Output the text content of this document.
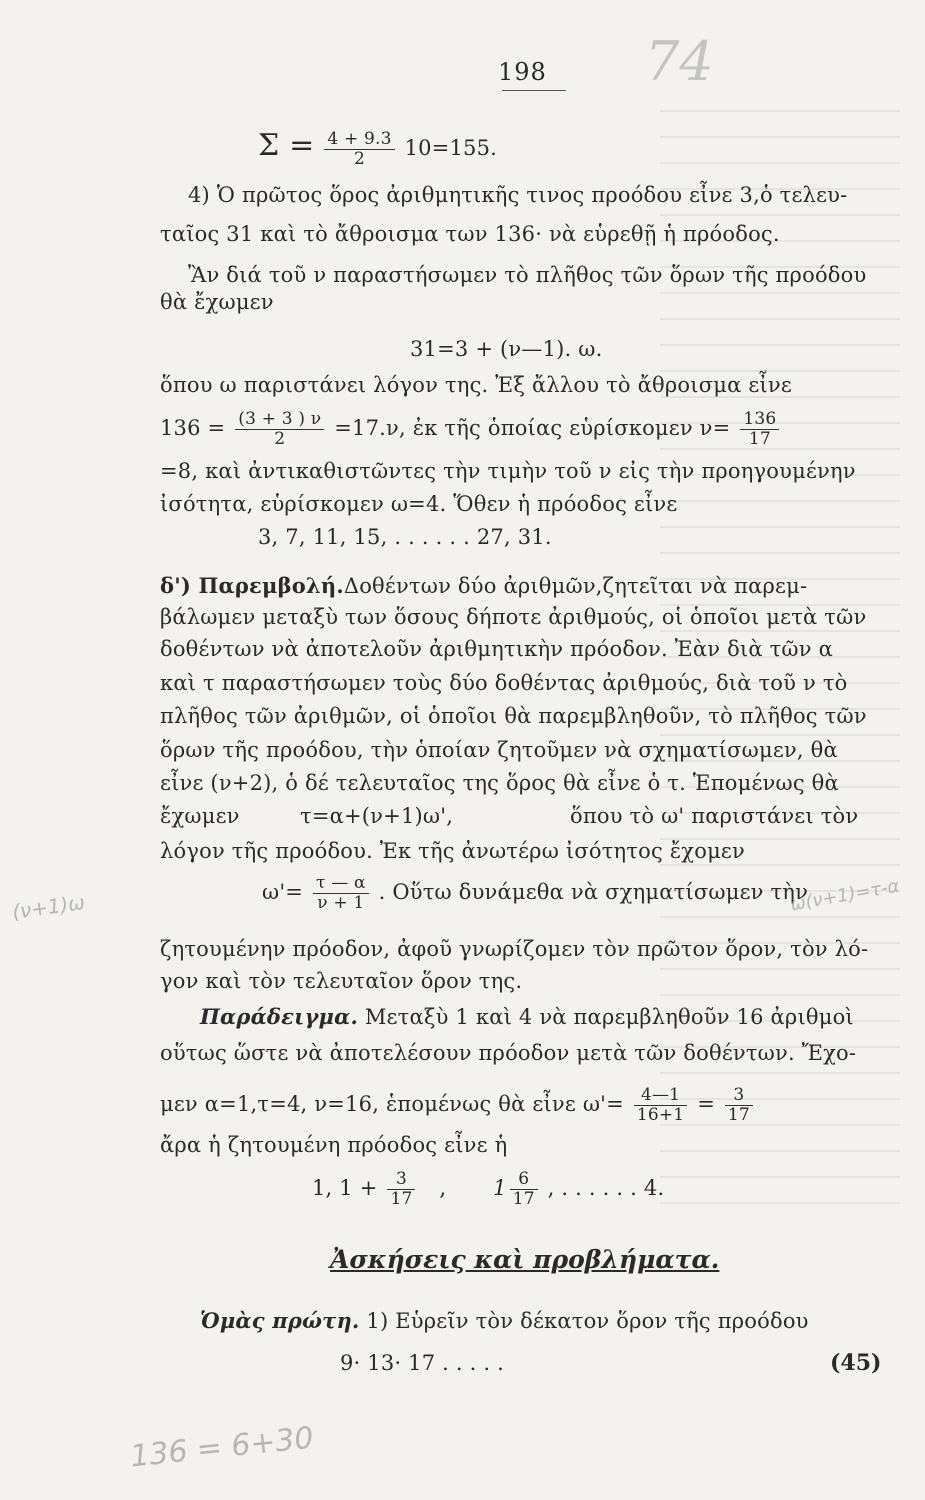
198 74
$\Sigma = \frac{4 + 9.3}{2} 10=155$.
4) Ὁ πρῶτος ὅρος ἀριθμητικῆς τινος προόδου εἶνε 3,ὁ τελευ-
ταῖος 31 καὶ τὸ ἄθροισμα των 136· νὰ εὑρεθῇ ἡ πρόοδος.
Ἂν διά τοῦ ν παραστήσωμεν τὸ πλῆθος τῶν ὅρων τῆς προόδου
θὰ ἔχωμεν
31=3 + (ν—1). ω.
ὅπου ω παριστάνει λόγον της. Ἐξ ἄλλου τὸ ἄθροισμα εἶνε
$136 = \frac{(3 + 3 ) \nu}{2} =17.\nu$, ἐκ τῆς ὁποίας εὑρίσκομεν $\nu= \frac{136}{17}$
=8, καὶ ἀντικαθιστῶντες τὴν τιμὴν τοῦ ν εἰς τὴν προηγουμένην
ἰσότητα, εὑρίσκομεν ω=4. Ὅθεν ἡ πρόοδος εἶνε
3, 7, 11, 15, . . . . . . 27, 31.
δ') Παρεμβολή.Δοθέντων δύο ἀριθμῶν,ζητεῖται νὰ παρεμ-
βάλωμεν μεταξὺ των ὅσους δήποτε ἀριθμούς, οἱ ὁποῖοι μετὰ τῶν
δοθέντων νὰ ἀποτελοῦν ἀριθμητικὴν πρόοδον. Ἐὰν διὰ τῶν α
καὶ τ παραστήσωμεν τοὺς δύο δοθέντας ἀριθμούς, διὰ τοῦ ν τὸ
πλῆθος τῶν ἀριθμῶν, οἱ ὁποῖοι θὰ παρεμβληθοῦν, τὸ πλῆθος τῶν
ὅρων τῆς προόδου, τὴν ὁποίαν ζητοῦμεν νὰ σχηματίσωμεν, θὰ
εἶνε (ν+2), ὁ δέ τελευταῖος της ὅρος θὰ εἶνε ὁ τ. Ἑπομένως θὰ
ἔχωμεν	τ=α+(ν+1)ω',	ὅπου τὸ ω' παριστάνει τὸν
λόγον τῆς προόδου. Ἐκ τῆς ἀνωτέρω ἰσότητος ἔχομεν
$\omega'= \frac{\tau — \alpha}{\nu + 1}$ . Οὕτω δυνάμεθα νὰ σχηματίσωμεν τὴν
ζητουμένην πρόοδον, ἀφοῦ γνωρίζομεν τὸν πρῶτον ὅρον, τὸν λό-
γον καὶ τὸν τελευταῖον ὅρον της.
Παράδειγμα. Μεταξὺ 1 καὶ 4 νὰ παρεμβληθοῦν 16 ἀριθμοὶ
οὕτως ὥστε νὰ ἀποτελέσουν πρόοδον μετὰ τῶν δοθέντων. Ἔχο-
μεν α=1,τ=4, ν=16, ἑπομένως θὰ εἶνε $\omega'= \frac{4—1}{16+1} = \frac{3}{17}$
ἄρα ἡ ζητουμένη πρόοδος εἶνε ἡ
1, $1 + \frac{3}{17}$ , $1 \frac{6}{17}$ , . . . . . . 4.
Ἀσκήσεις καὶ προβλήματα.
Ὁμὰς πρώτη. 1) Εὑρεῖν τὸν δέκατον ὅρον τῆς προόδου
9· 13· 17 . . . . .	(45)
(ν+1)ω	ω(ν+1)=τ-α
136 = 6+30
